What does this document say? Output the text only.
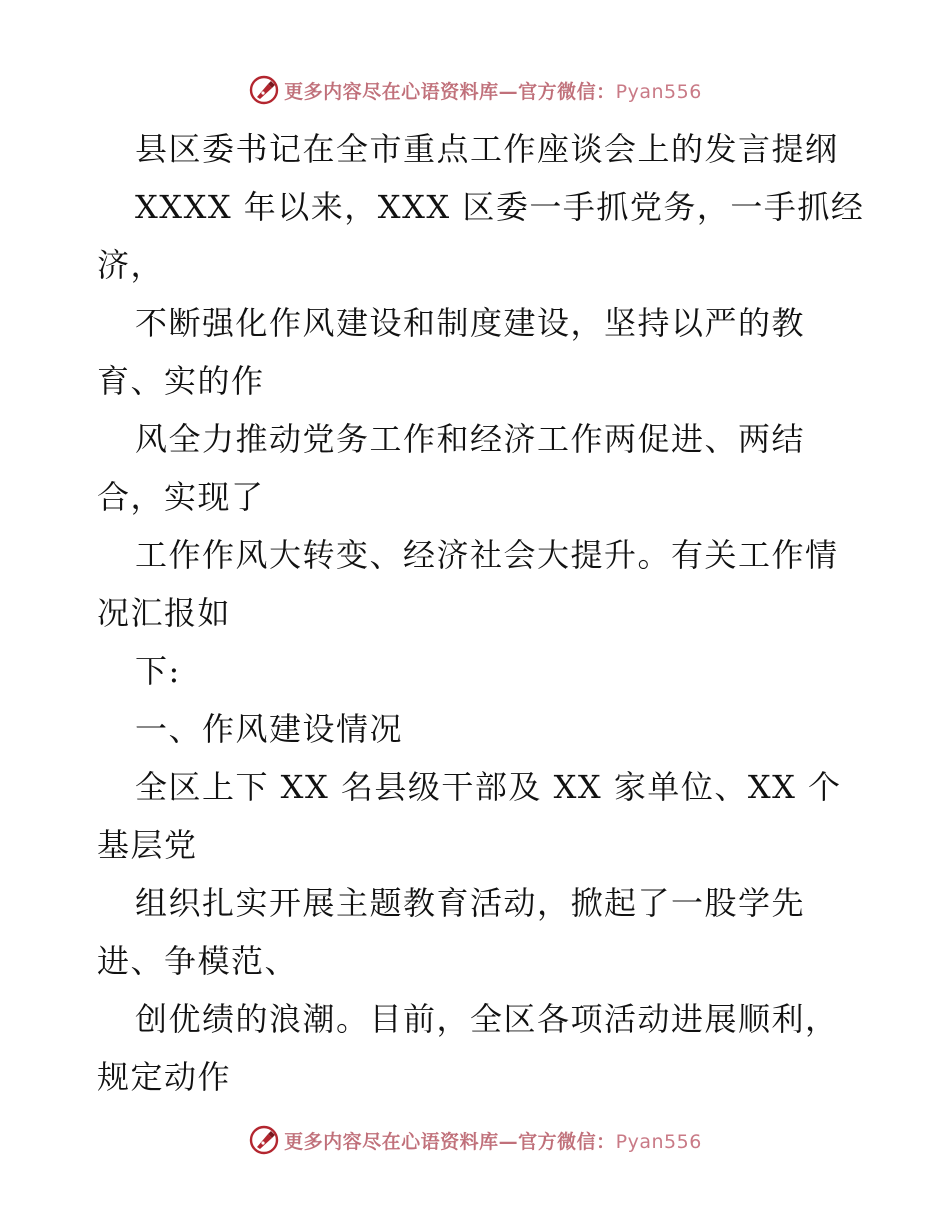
更多内容尽在心语资料库—官方微信：Pyan556
县区委书记在全市重点工作座谈会上的发言提纲
XXXX 年以来，XXX 区委一手抓党务，一手抓经
济，
不断强化作风建设和制度建设，坚持以严的教
育、实的作
风全力推动党务工作和经济工作两促进、两结
合，实现了
工作作风大转变、经济社会大提升。有关工作情
况汇报如
下:
一、作风建设情况
全区上下 XX 名县级干部及 XX 家单位、XX 个
基层党
组织扎实开展主题教育活动，掀起了一股学先
进、争模范、
创优绩的浪潮。目前，全区各项活动进展顺利，
规定动作
更多内容尽在心语资料库—官方微信：Pyan556
